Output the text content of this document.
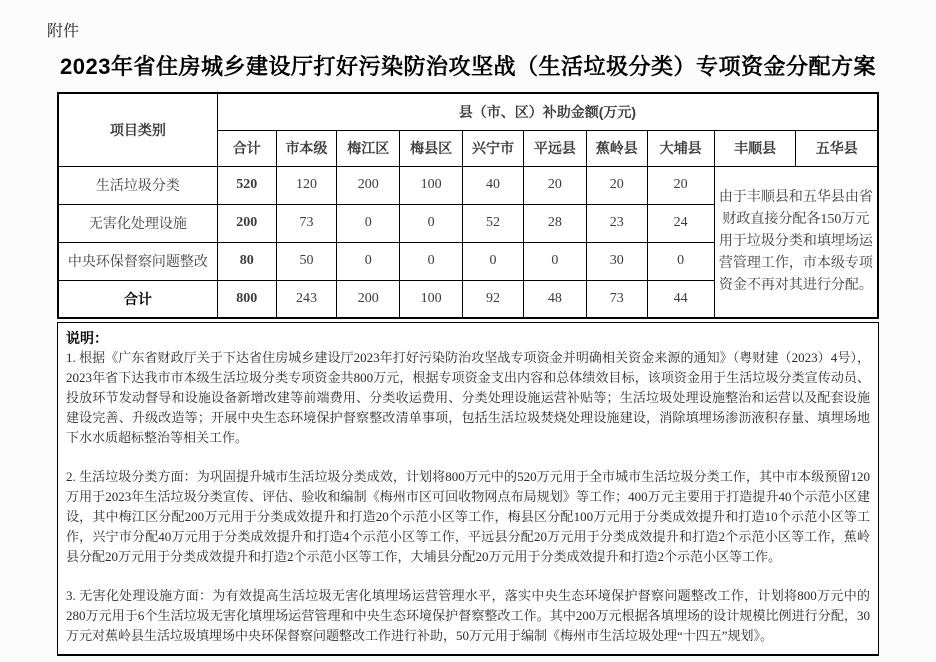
附件
2023年省住房城乡建设厅打好污染防治攻坚战（生活垃圾分类）专项资金分配方案
项目类别	县（市、区）补助金额(万元)									
	合计	市本级	梅江区	梅县区	兴宁市	平远县	蕉岭县	大埔县	丰顺县	五华县
生活垃圾分类	520	120	200	100	40	20	20	20	由于丰顺县和五华县由省财政直接分配各150万元用于垃圾分类和填埋场运营管理工作，市本级专项资金不再对其进行分配。	
无害化处理设施	200	73	0	0	52	28	23	24		
中央环保督察问题整改	80	50	0	0	0	0	30	0		
合计	800	243	200	100	92	48	73	44		
说明：

1. 根据《广东省财政厅关于下达省住房城乡建设厅2023年打好污染防治攻坚战专项资金并明确相关资金来源的通知》（粤财建（2023）4号），2023年省下达我市市本级生活垃圾分类专项资金共800万元，根据专项资金支出内容和总体绩效目标，该项资金用于生活垃圾分类宣传动员、投放环节发动督导和设施设备新增改建等前端费用、分类收运费用、分类处理设施运营补贴等；生活垃圾处理设施整治和运营以及配套设施建设完善、升级改造等；开展中央生态环境保护督察整改清单事项，包括生活垃圾焚烧处理设施建设，消除填埋场渗沥液积存量、填埋场地下水水质超标整治等相关工作。

2. 生活垃圾分类方面：为巩固提升城市生活垃圾分类成效，计划将800万元中的520万元用于全市城市生活垃圾分类工作，其中市本级预留120万用于2023年生活垃圾分类宣传、评估、验收和编制《梅州市区可回收物网点布局规划》等工作；400万元主要用于打造提升40个示范小区建设，其中梅江区分配200万元用于分类成效提升和打造20个示范小区等工作，梅县区分配100万元用于分类成效提升和打造10个示范小区等工作，兴宁市分配40万元用于分类成效提升和打造4个示范小区等工作，平远县分配20万元用于分类成效提升和打造2个示范小区等工作，蕉岭县分配20万元用于分类成效提升和打造2个示范小区等工作，大埔县分配20万元用于分类成效提升和打造2个示范小区等工作。

3. 无害化处理设施方面：为有效提高生活垃圾无害化填埋场运营管理水平，落实中央生态环境保护督察问题整改工作，计划将800万元中的280万元用于6个生活垃圾无害化填埋场运营管理和中央生态环境保护督察整改工作。其中200万元根据各填埋场的设计规模比例进行分配，30万元对蕉岭县生活垃圾填埋场中央环保督察问题整改工作进行补助，50万元用于编制《梅州市生活垃圾处理“十四五”规划》。
